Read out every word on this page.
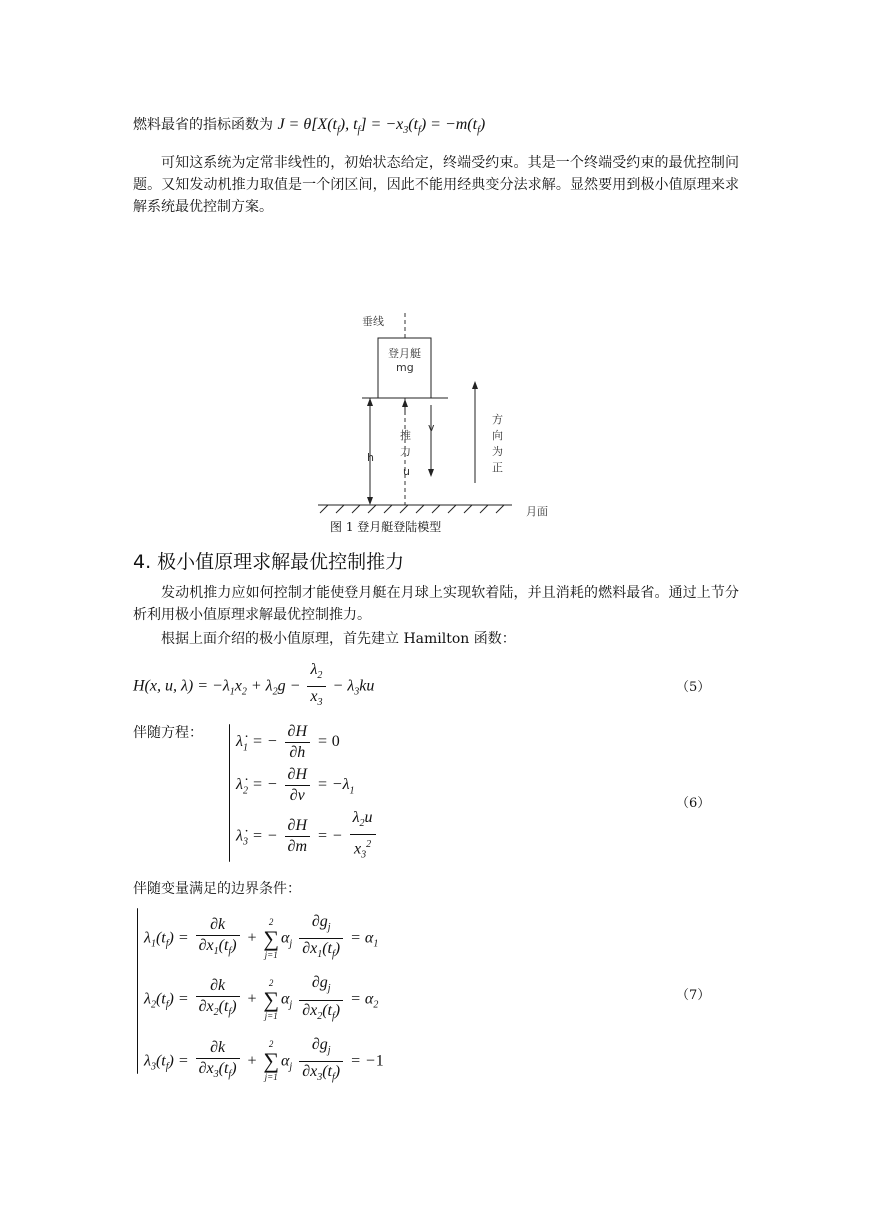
燃料最省的指标函数为 $J = \theta[X(t_f)$, $t_f] = -x_3(t_f) = -m(t_f)$
可知这系统为定常非线性的，初始状态给定，终端受约束。其是一个终端受约束的最优控制问题。又知发动机推力取值是一个闭区间，因此不能用经典变分法求解。显然要用到极小值原理来求解系统最优控制方案。
垂线
登月艇
mg
推
力
u
v
h
方
向
为
正
月面
图 1 登月艇登陆模型
4. 极小值原理求解最优控制推力
发动机推力应如何控制才能使登月艇在月球上实现软着陆，并且消耗的燃料最省。通过上节分析利用极小值原理求解最优控制推力。
根据上面介绍的极小值原理，首先建立 Hamilton 函数：
H(x, u, $\lambda) = -\lambda_1x_2 + \lambda_2g - \frac{\lambda_2}{x_3} - \lambda_3ku$	（5）
伴随方程：
$\lambdȧ_1$ = − $\frac{\partial H}{\partial h} = 0$
$\lambdȧ_2$ = − $\frac{\partial H}{\partial v} = -\lambda_1$
$\lambdȧ_3$ = − $\frac{\partial H}{\partial m}$ = − $\frac{\lambda_2u}{x_3^2}$
（6）
伴随变量满足的边界条件：
$\lambda_1(t_f) = \frac{\partial k}{\partial x_1(t_f)}$ +
2
∑
j=1
$\alpha_j \frac{\partial g_j}{\partial x_1(t_f)} = \alpha_1$
$\lambda_2(t_f) = \frac{\partial k}{\partial x_2(t_f)}$ +
2
∑
j=1
$\alpha_j \frac{\partial g_j}{\partial x_2(t_f)} = \alpha_2$
$\lambda_3(t_f) = \frac{\partial k}{\partial x_3(t_f)}$ +
2
∑
j=1
$\alpha_j \frac{\partial g_j}{\partial x_3(t_f)} = -1$
（7）
